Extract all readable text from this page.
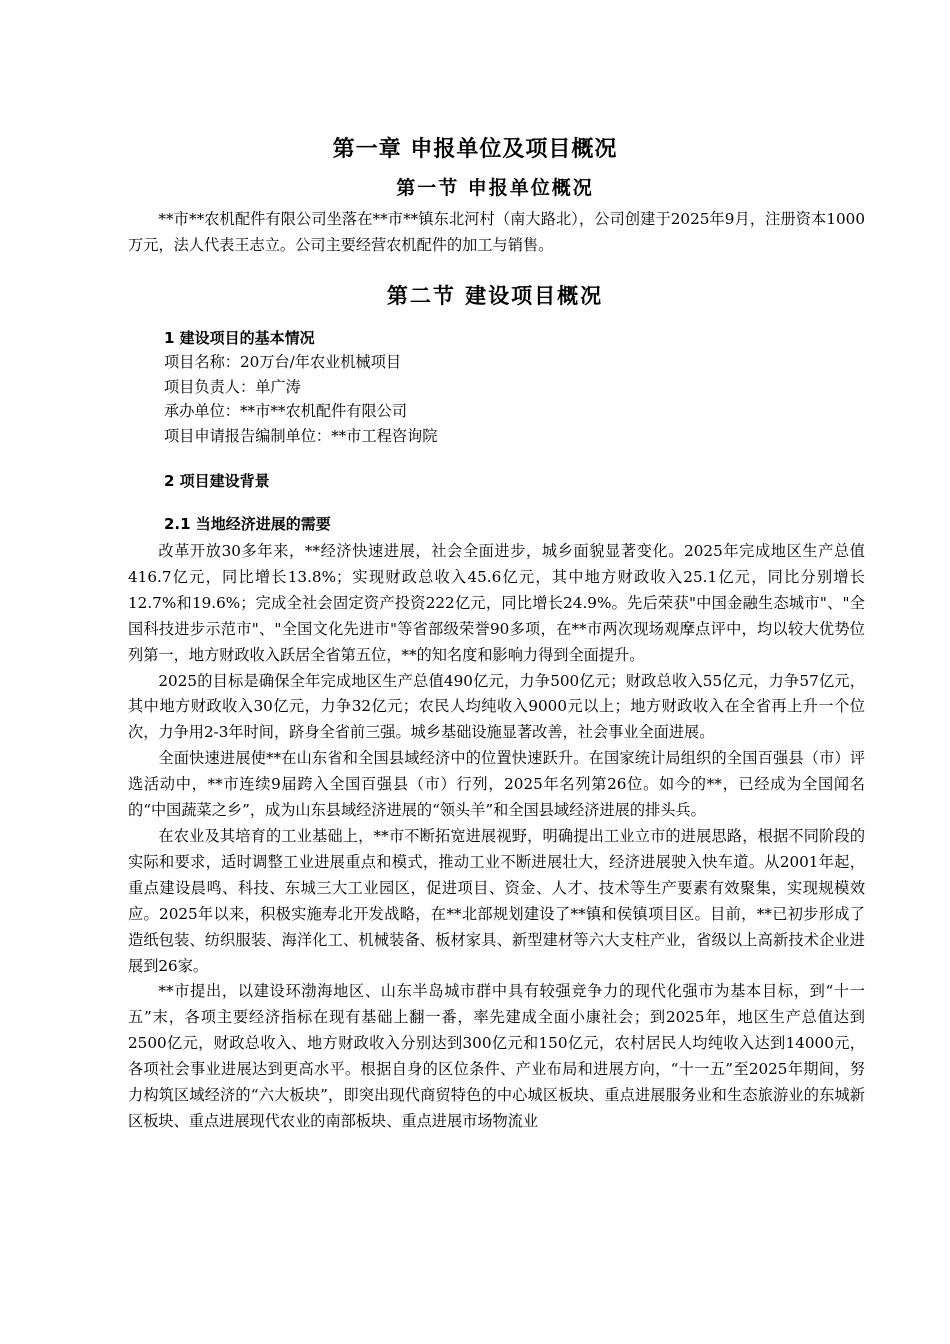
第一章 申报单位及项目概况
第一节 申报单位概况

**市**农机配件有限公司坐落在**市**镇东北河村（南大路北），公司创建于2025年9月，注册资本1000万元，法人代表王志立。公司主要经营农机配件的加工与销售。

第二节 建设项目概况
1 建设项目的基本情况
项目名称：20万台/年农业机械项目
项目负责人：单广涛
承办单位：**市**农机配件有限公司
项目申请报告编制单位：**市工程咨询院
2 项目建设背景
2.1 当地经济进展的需要

改革开放30多年来，**经济快速进展，社会全面进步，城乡面貌显著变化。2025年完成地区生产总值416.7亿元，同比增长13.8%；实现财政总收入45.6亿元，其中地方财政收入25.1亿元，同比分别增长12.7%和19.6%；完成全社会固定资产投资222亿元，同比增长24.9%。先后荣获"中国金融生态城市"、"全国科技进步示范市"、"全国文化先进市"等省部级荣誉90多项，在**市两次现场观摩点评中，均以较大优势位列第一，地方财政收入跃居全省第五位，**的知名度和影响力得到全面提升。

2025的目标是确保全年完成地区生产总值490亿元，力争500亿元；财政总收入55亿元，力争57亿元，其中地方财政收入30亿元，力争32亿元；农民人均纯收入9000元以上；地方财政收入在全省再上升一个位次，力争用2-3年时间，跻身全省前三强。城乡基础设施显著改善，社会事业全面进展。

全面快速进展使**在山东省和全国县域经济中的位置快速跃升。在国家统计局组织的全国百强县（市）评选活动中，**市连续9届跨入全国百强县（市）行列，2025年名列第26位。如今的**，已经成为全国闻名的“中国蔬菜之乡”，成为山东县域经济进展的“领头羊”和全国县域经济进展的排头兵。

在农业及其培育的工业基础上，**市不断拓宽进展视野，明确提出工业立市的进展思路，根据不同阶段的实际和要求，适时调整工业进展重点和模式，推动工业不断进展壮大，经济进展驶入快车道。从2001年起，重点建设晨鸣、科技、东城三大工业园区，促进项目、资金、人才、技术等生产要素有效聚集，实现规模效应。2025年以来，积极实施寿北开发战略，在**北部规划建设了**镇和侯镇项目区。目前，**已初步形成了造纸包装、纺织服装、海洋化工、机械装备、板材家具、新型建材等六大支柱产业，省级以上高新技术企业进展到26家。

**市提出，以建设环渤海地区、山东半岛城市群中具有较强竞争力的现代化强市为基本目标，到“十一五”末，各项主要经济指标在现有基础上翻一番，率先建成全面小康社会；到2025年，地区生产总值达到2500亿元，财政总收入、地方财政收入分别达到300亿元和150亿元，农村居民人均纯收入达到14000元，各项社会事业进展达到更高水平。根据自身的区位条件、产业布局和进展方向，“十一五”至2025年期间，努力构筑区域经济的“六大板块”，即突出现代商贸特色的中心城区板块、重点进展服务业和生态旅游业的东城新区板块、重点进展现代农业的南部板块、重点进展市场物流业
